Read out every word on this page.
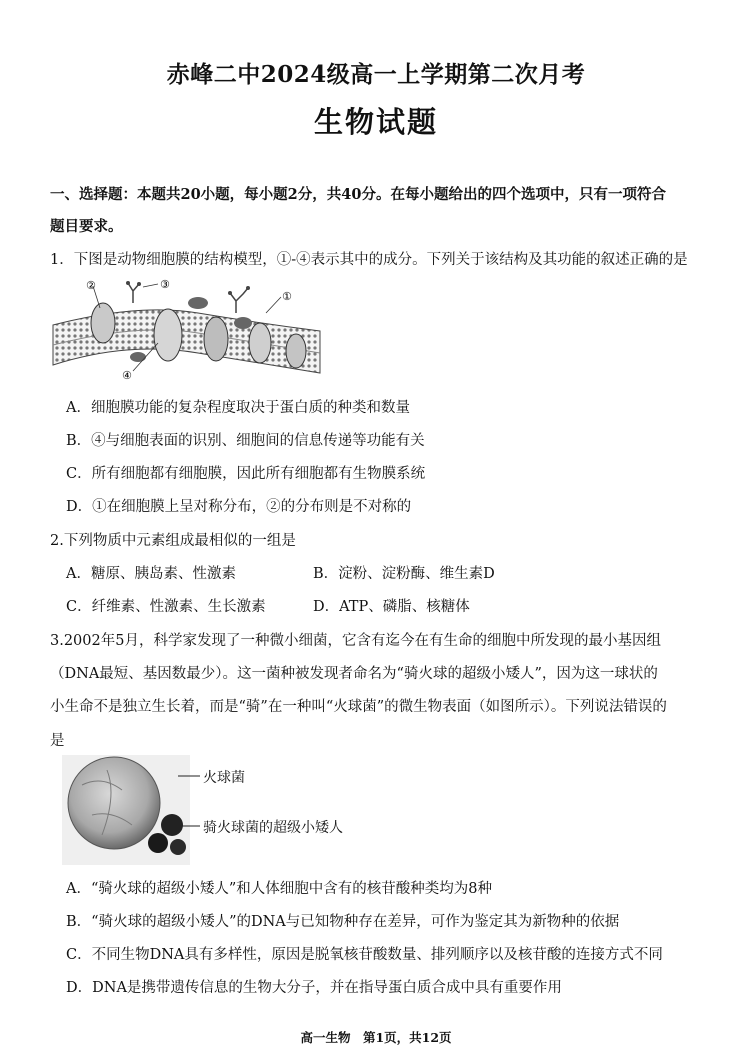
赤峰二中2024级高一上学期第二次月考
生物试题
一、选择题：本题共20小题，每小题2分，共40分。在每小题给出的四个选项中，只有一项符合
题目要求。
1．下图是动物细胞膜的结构模型，①-④表示其中的成分。下列关于该结构及其功能的叙述正确的是
②	③
①
④
A．细胞膜功能的复杂程度取决于蛋白质的种类和数量
B．④与细胞表面的识别、细胞间的信息传递等功能有关
C．所有细胞都有细胞膜，因此所有细胞都有生物膜系统
D．①在细胞膜上呈对称分布，②的分布则是不对称的
2.下列物质中元素组成最相似的一组是
A．糖原、胰岛素、性激素	B．淀粉、淀粉酶、维生素D
C．纤维素、性激素、生长激素	D．ATP、磷脂、核糖体
3.2002年5月，科学家发现了一种微小细菌，它含有迄今在有生命的细胞中所发现的最小基因组
（DNA最短、基因数最少）。这一菌种被发现者命名为“骑火球的超级小矮人”，因为这一球状的
小生命不是独立生长着，而是“骑”在一种叫“火球菌”的微生物表面（如图所示）。下列说法错误的
是
火球菌
骑火球菌的超级小矮人
A．“骑火球的超级小矮人”和人体细胞中含有的核苷酸种类均为8种
B．“骑火球的超级小矮人”的DNA与已知物种存在差异，可作为鉴定其为新物种的依据
C．不同生物DNA具有多样性，原因是脱氧核苷酸数量、排列顺序以及核苷酸的连接方式不同
D．DNA是携带遗传信息的生物大分子，并在指导蛋白质合成中具有重要作用
高一生物　第1页，共12页
